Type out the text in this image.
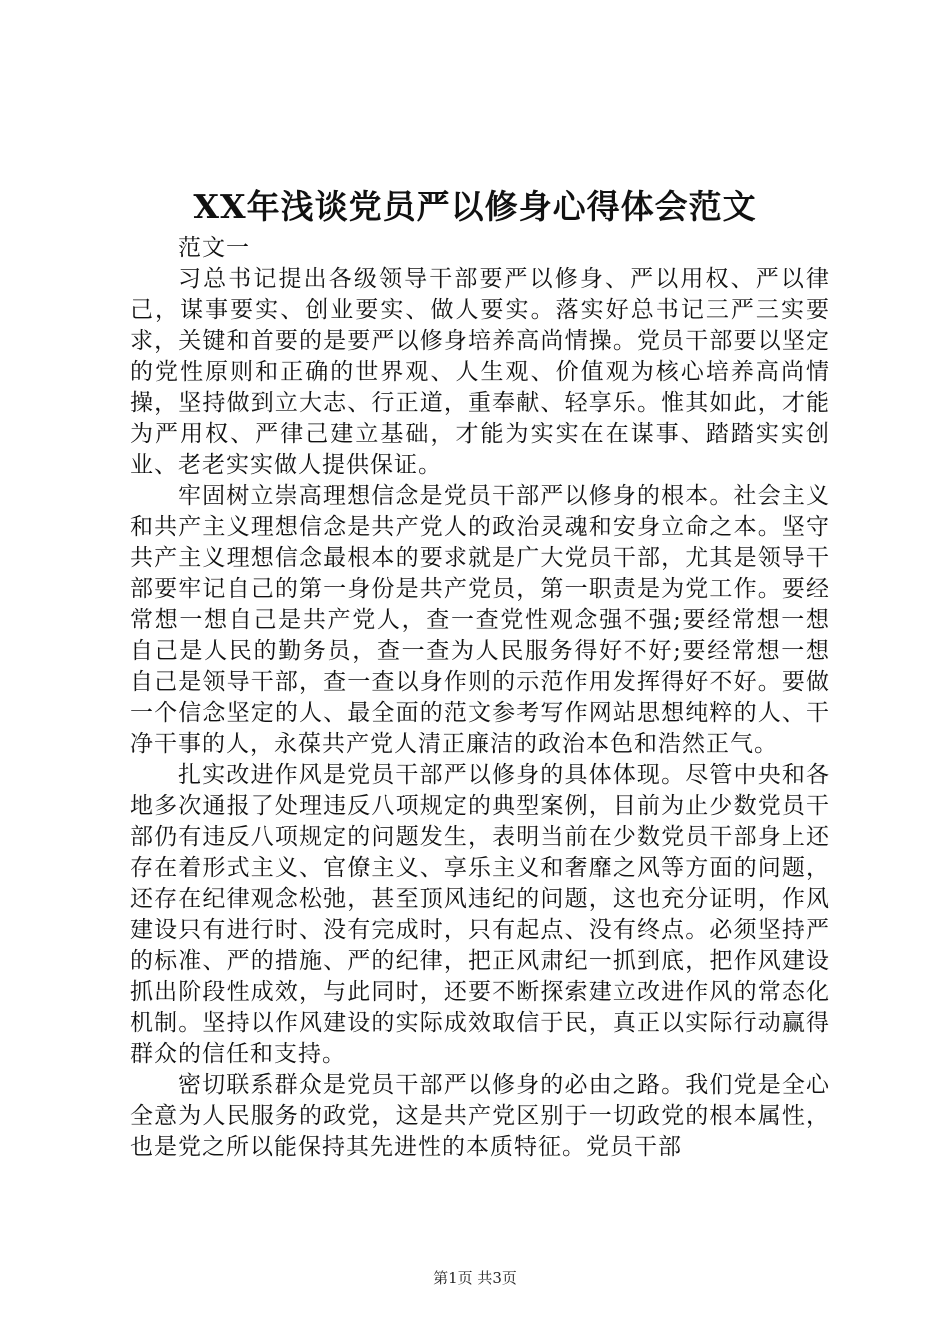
XX年浅谈党员严以修身心得体会范文

范文一

习总书记提出各级领导干部要严以修身、严以用权、严以律己，谋事要实、创业要实、做人要实。落实好总书记三严三实要求，关键和首要的是要严以修身培养高尚情操。党员干部要以坚定的党性原则和正确的世界观、人生观、价值观为核心培养高尚情操，坚持做到立大志、行正道，重奉献、轻享乐。惟其如此，才能为严用权、严律己建立基础，才能为实实在在谋事、踏踏实实创业、老老实实做人提供保证。

牢固树立崇高理想信念是党员干部严以修身的根本。社会主义和共产主义理想信念是共产党人的政治灵魂和安身立命之本。坚守共产主义理想信念最根本的要求就是广大党员干部，尤其是领导干部要牢记自己的第一身份是共产党员，第一职责是为党工作。要经常想一想自己是共产党人，查一查党性观念强不强;要经常想一想自己是人民的勤务员，查一查为人民服务得好不好;要经常想一想自己是领导干部，查一查以身作则的示范作用发挥得好不好。要做一个信念坚定的人、最全面的范文参考写作网站思想纯粹的人、干净干事的人，永葆共产党人清正廉洁的政治本色和浩然正气。

扎实改进作风是党员干部严以修身的具体体现。尽管中央和各地多次通报了处理违反八项规定的典型案例，目前为止少数党员干部仍有违反八项规定的问题发生，表明当前在少数党员干部身上还存在着形式主义、官僚主义、享乐主义和奢靡之风等方面的问题，还存在纪律观念松弛，甚至顶风违纪的问题，这也充分证明，作风建设只有进行时、没有完成时，只有起点、没有终点。必须坚持严的标准、严的措施、严的纪律，把正风肃纪一抓到底，把作风建设抓出阶段性成效，与此同时，还要不断探索建立改进作风的常态化机制。坚持以作风建设的实际成效取信于民，真正以实际行动赢得群众的信任和支持。

密切联系群众是党员干部严以修身的必由之路。我们党是全心全意为人民服务的政党，这是共产党区别于一切政党的根本属性，也是党之所以能保持其先进性的本质特征。党员干部

第1页 共3页
